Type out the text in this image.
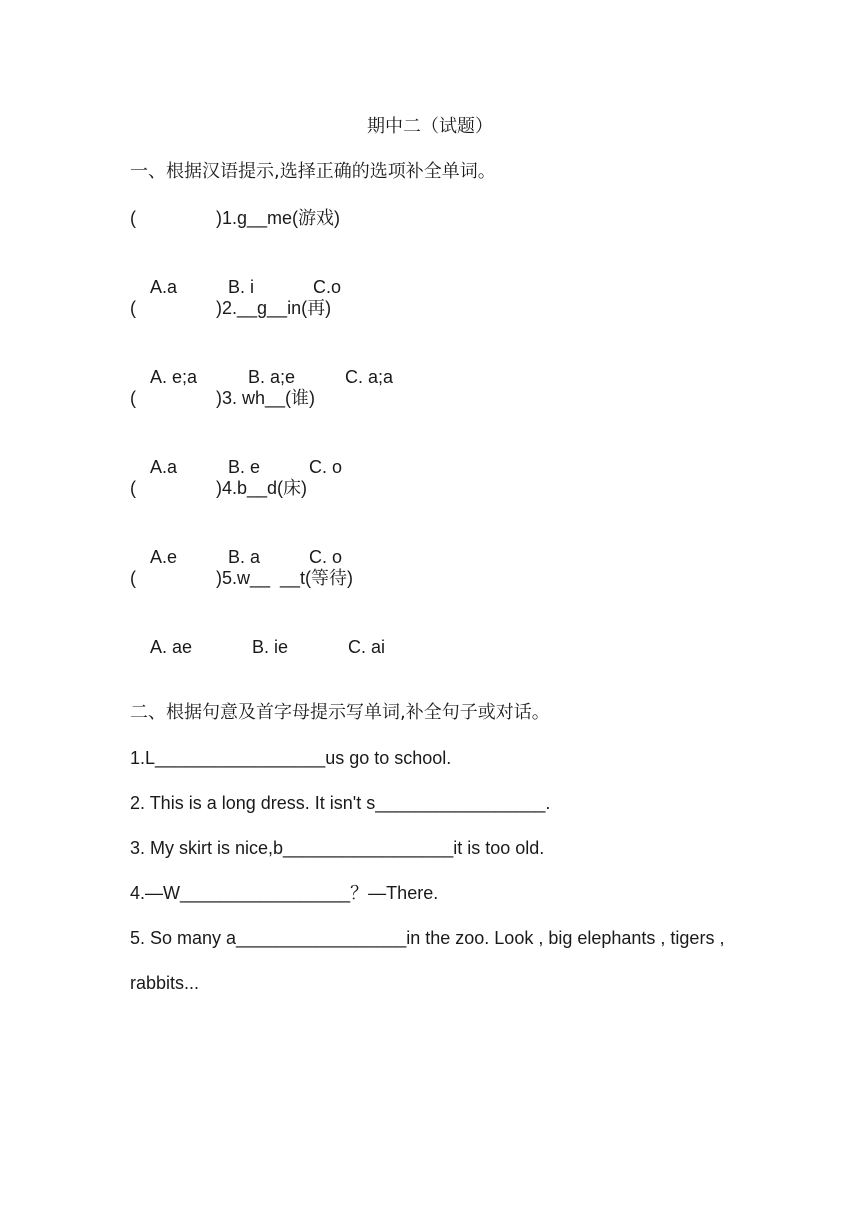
期中二（试题）
一、根据汉语提示,选择正确的选项补全单词。
(                )1.g__me(游戏)

A.a	B. i	C.o

(                )2.__g__in(再)

A. e;a	B. a;e	C. a;a

(                )3. wh__(谁)

A.a	B. e	C. o

(                )4.b__d(床)

A.e	B. a	C. o

(                )5.w__  __t(等待)

A. ae	B. ie	C. ai

二、根据句意及首字母提示写单词,补全句子或对话。
1.L_________________us go to school.
2. This is a long dress. It isn't s_________________.
3. My skirt is nice,b_________________it is too old.
4.—W_________________？—There.
5. So many a_________________in the zoo. Look , big elephants , tigers ,
rabbits...
